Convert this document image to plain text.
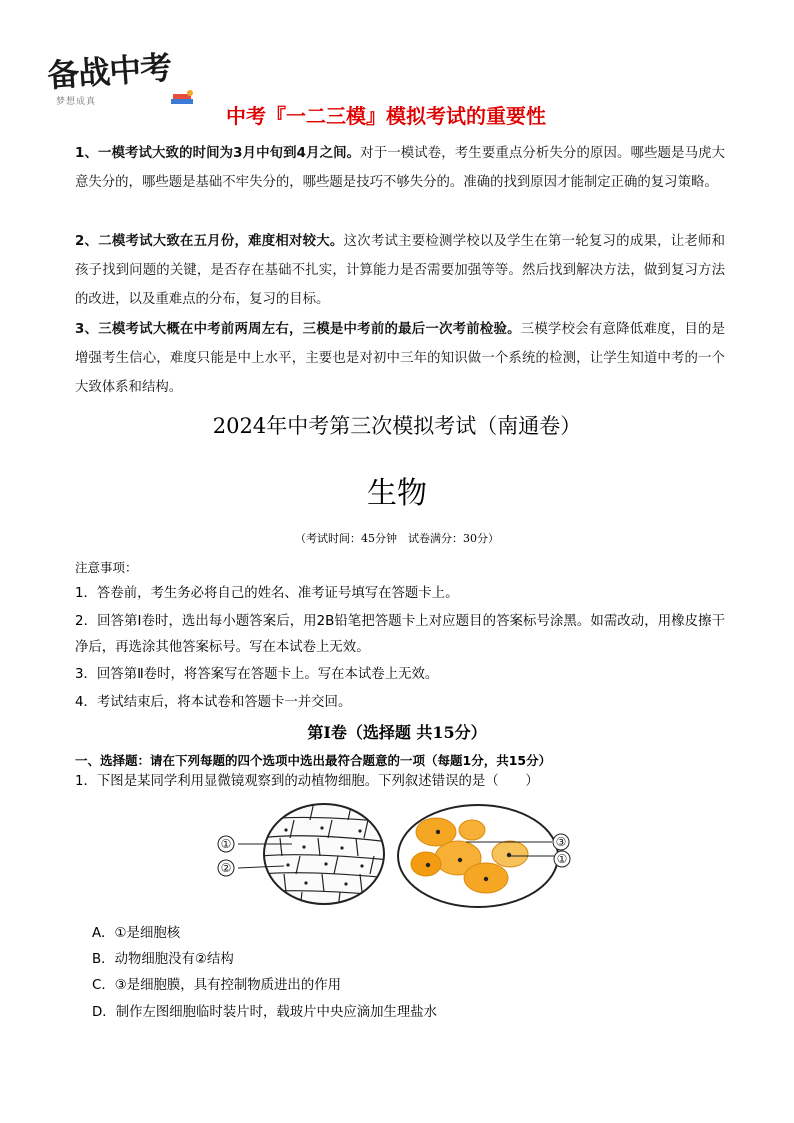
备战中考
梦想成真
中考『一二三模』模拟考试的重要性
1、一模考试大致的时间为3月中旬到4月之间。对于一模试卷，考生要重点分析失分的原因。哪些题是马虎大意失分的，哪些题是基础不牢失分的，哪些题是技巧不够失分的。准确的找到原因才能制定正确的复习策略。
2、二模考试大致在五月份，难度相对较大。这次考试主要检测学校以及学生在第一轮复习的成果，让老师和孩子找到问题的关键，是否存在基础不扎实，计算能力是否需要加强等等。然后找到解决方法，做到复习方法的改进，以及重难点的分布，复习的目标。
3、三模考试大概在中考前两周左右，三模是中考前的最后一次考前检验。三模学校会有意降低难度，目的是增强考生信心，难度只能是中上水平，主要也是对初中三年的知识做一个系统的检测，让学生知道中考的一个大致体系和结构。
2024年中考第三次模拟考试（南通卷）
生物
（考试时间：45分钟　试卷满分：30分）
注意事项：
1．答卷前，考生务必将自己的姓名、准考证号填写在答题卡上。
2．回答第Ⅰ卷时，选出每小题答案后，用2B铅笔把答题卡上对应题目的答案标号涂黑。如需改动，用橡皮擦干净后，再选涂其他答案标号。写在本试卷上无效。
3．回答第Ⅱ卷时，将答案写在答题卡上。写在本试卷上无效。
4．考试结束后，将本试卷和答题卡一并交回。
第Ⅰ卷（选择题 共15分）
一、选择题：请在下列每题的四个选项中选出最符合题意的一项（每题1分，共15分）
1．下图是某同学利用显微镜观察到的动植物细胞。下列叙述错误的是（　　）
①
②
③
①
A．①是细胞核
B．动物细胞没有②结构
C．③是细胞膜，具有控制物质进出的作用
D．制作左图细胞临时装片时，载玻片中央应滴加生理盐水
